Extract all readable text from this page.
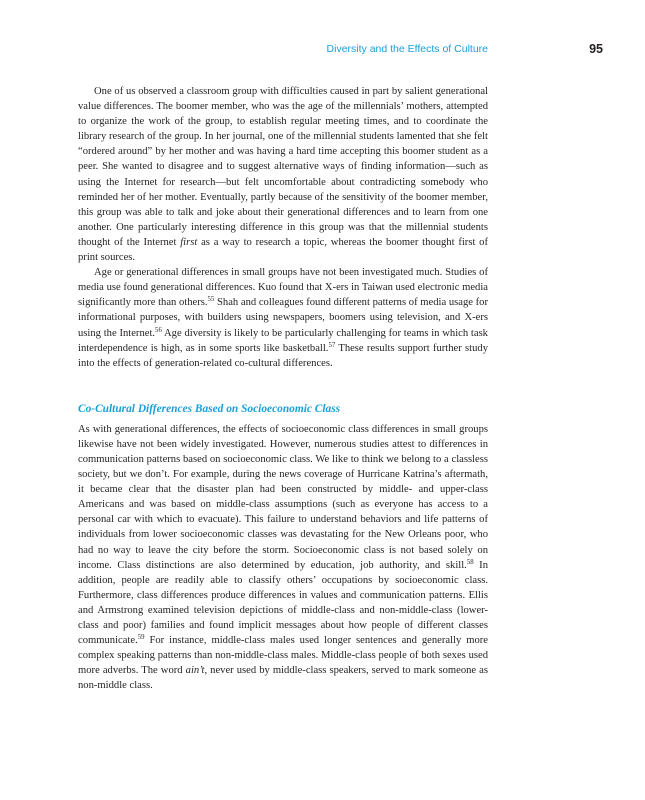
Diversity and the Effects of Culture	95

One of us observed a classroom group with difficulties caused in part by salient generational value differences. The boomer member, who was the age of the millennials’ mothers, attempted to organize the work of the group, to establish regular meeting times, and to coordinate the library research of the group. In her journal, one of the millennial students lamented that she felt “ordered around” by her mother and was having a hard time accepting this boomer student as a peer. She wanted to disagree and to suggest alternative ways of finding information—such as using the Internet for research—but felt uncomfortable about contradicting somebody who reminded her of her mother. Eventually, partly because of the sensitivity of the boomer member, this group was able to talk and joke about their generational differences and to learn from one another. One particularly interesting difference in this group was that the millennial students thought of the Internet first as a way to research a topic, whereas the boomer thought first of print sources.

Age or generational differences in small groups have not been investigated much. Studies of media use found generational differences. Kuo found that X-ers in Taiwan used electronic media significantly more than others.$^{55}$ Shah and colleagues found different patterns of media usage for informational purposes, with builders using newspapers, boomers using television, and X-ers using the Internet.$^{56}$ Age diversity is likely to be particularly challenging for teams in which task interdependence is high, as in some sports like basketball.$^{57}$ These results support further study into the effects of generation-related co-cultural differences.

Co-Cultural Differences Based on Socioeconomic Class

As with generational differences, the effects of socioeconomic class differences in small groups likewise have not been widely investigated. However, numerous studies attest to differences in communication patterns based on socioeconomic class. We like to think we belong to a classless society, but we don’t. For example, during the news coverage of Hurricane Katrina’s aftermath, it became clear that the disaster plan had been constructed by middle- and upper-class Americans and was based on middle-class assumptions (such as everyone has access to a personal car with which to evacuate). This failure to understand behaviors and life patterns of individuals from lower socioeconomic classes was devastating for the New Orleans poor, who had no way to leave the city before the storm. Socioeconomic class is not based solely on income. Class distinctions are also determined by education, job authority, and skill.$^{58}$ In addition, people are readily able to classify others’ occupations by socioeconomic class. Furthermore, class differences produce differences in values and communication patterns. Ellis and Armstrong examined television depictions of middle-class and non-middle-class (lower-class and poor) families and found implicit messages about how people of different classes communicate.$^{59}$ For instance, middle-class males used longer sentences and generally more complex speaking patterns than non-middle-class males. Middle-class people of both sexes used more adverbs. The word ain’t, never used by middle-class speakers, served to mark someone as non-middle class.
